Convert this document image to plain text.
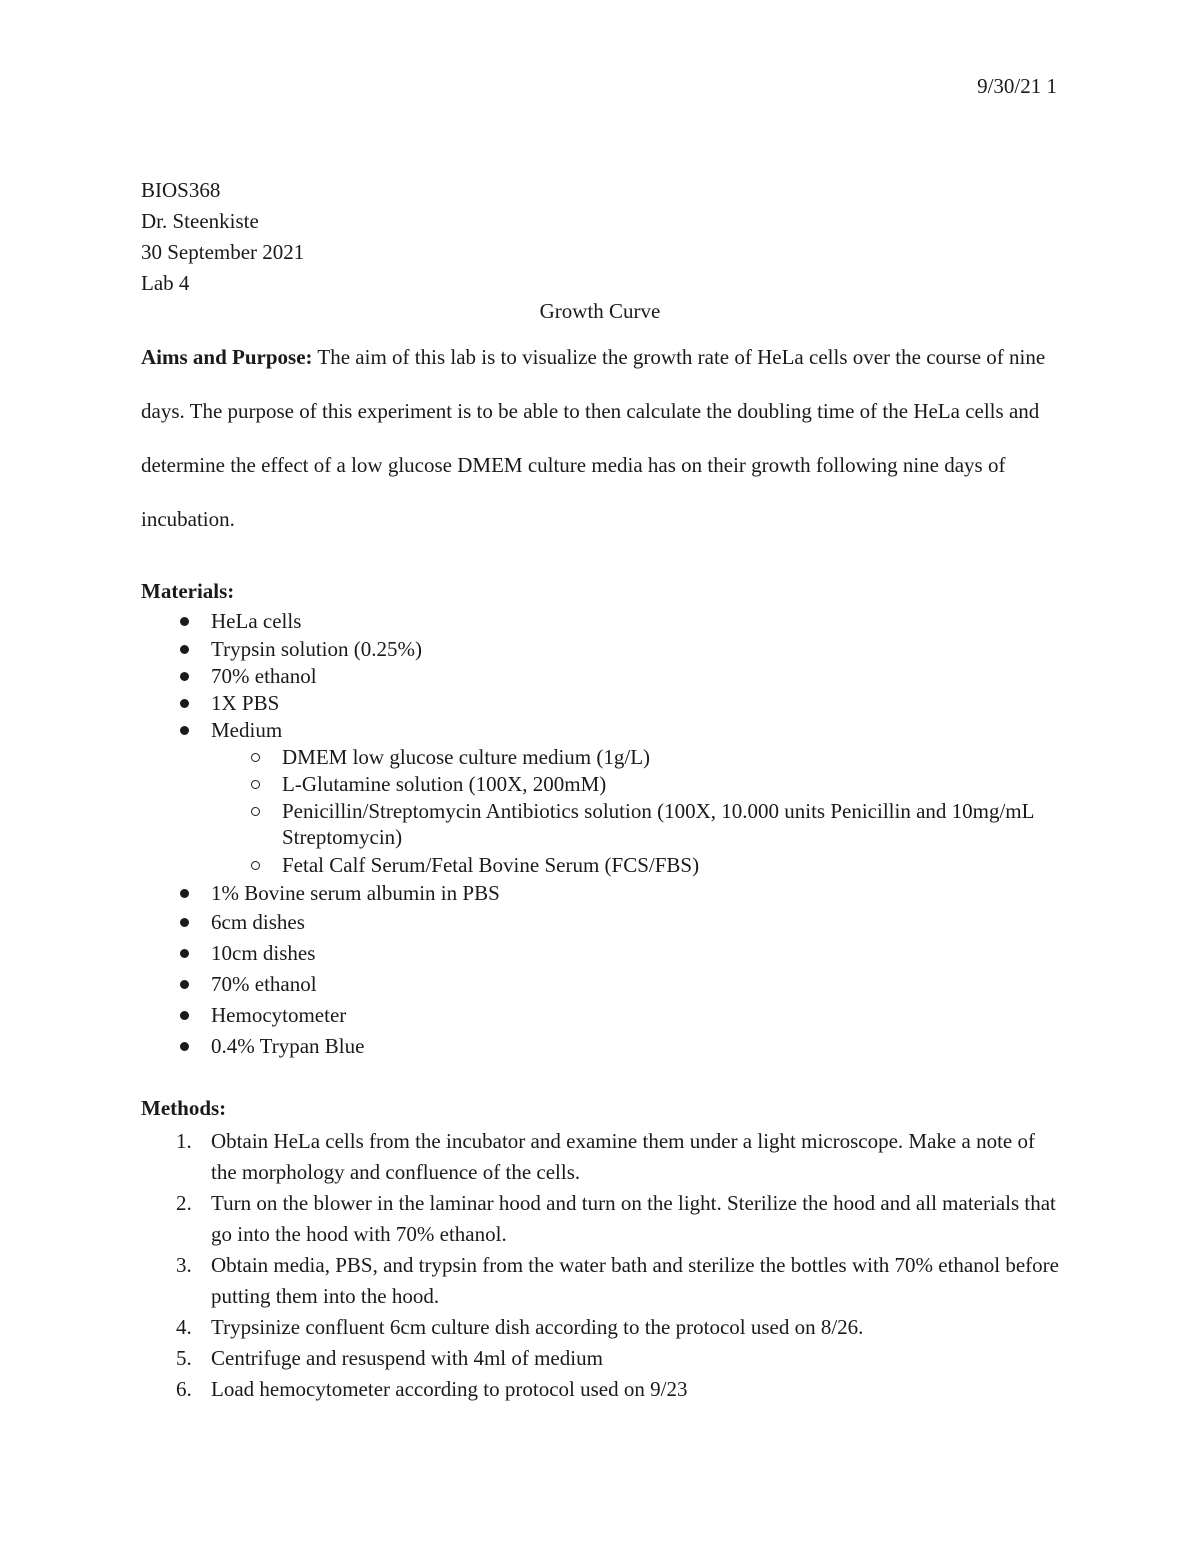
9/30/21 1
BIOS368
Dr. Steenkiste
30 September 2021
Lab 4
Growth Curve
Aims and Purpose: The aim of this lab is to visualize the growth rate of HeLa cells over the course of nine days. The purpose of this experiment is to be able to then calculate the doubling time of the HeLa cells and determine the effect of a low glucose DMEM culture media has on their growth following nine days of incubation.
Materials:
HeLa cells
Trypsin solution (0.25%)
70% ethanol
1X PBS
Medium
DMEM low glucose culture medium (1g/L)
L-Glutamine solution (100X, 200mM)
Penicillin/Streptomycin Antibiotics solution (100X, 10.000 units Penicillin and 10mg/mL Streptomycin)
Fetal Calf Serum/Fetal Bovine Serum (FCS/FBS)
1% Bovine serum albumin in PBS
6cm dishes
10cm dishes
70% ethanol
Hemocytometer
0.4% Trypan Blue
Methods:
1. Obtain HeLa cells from the incubator and examine them under a light microscope. Make a note of the morphology and confluence of the cells.
2. Turn on the blower in the laminar hood and turn on the light. Sterilize the hood and all materials that go into the hood with 70% ethanol.
3. Obtain media, PBS, and trypsin from the water bath and sterilize the bottles with 70% ethanol before putting them into the hood.
4. Trypsinize confluent 6cm culture dish according to the protocol used on 8/26.
5. Centrifuge and resuspend with 4ml of medium
6. Load hemocytometer according to protocol used on 9/23
